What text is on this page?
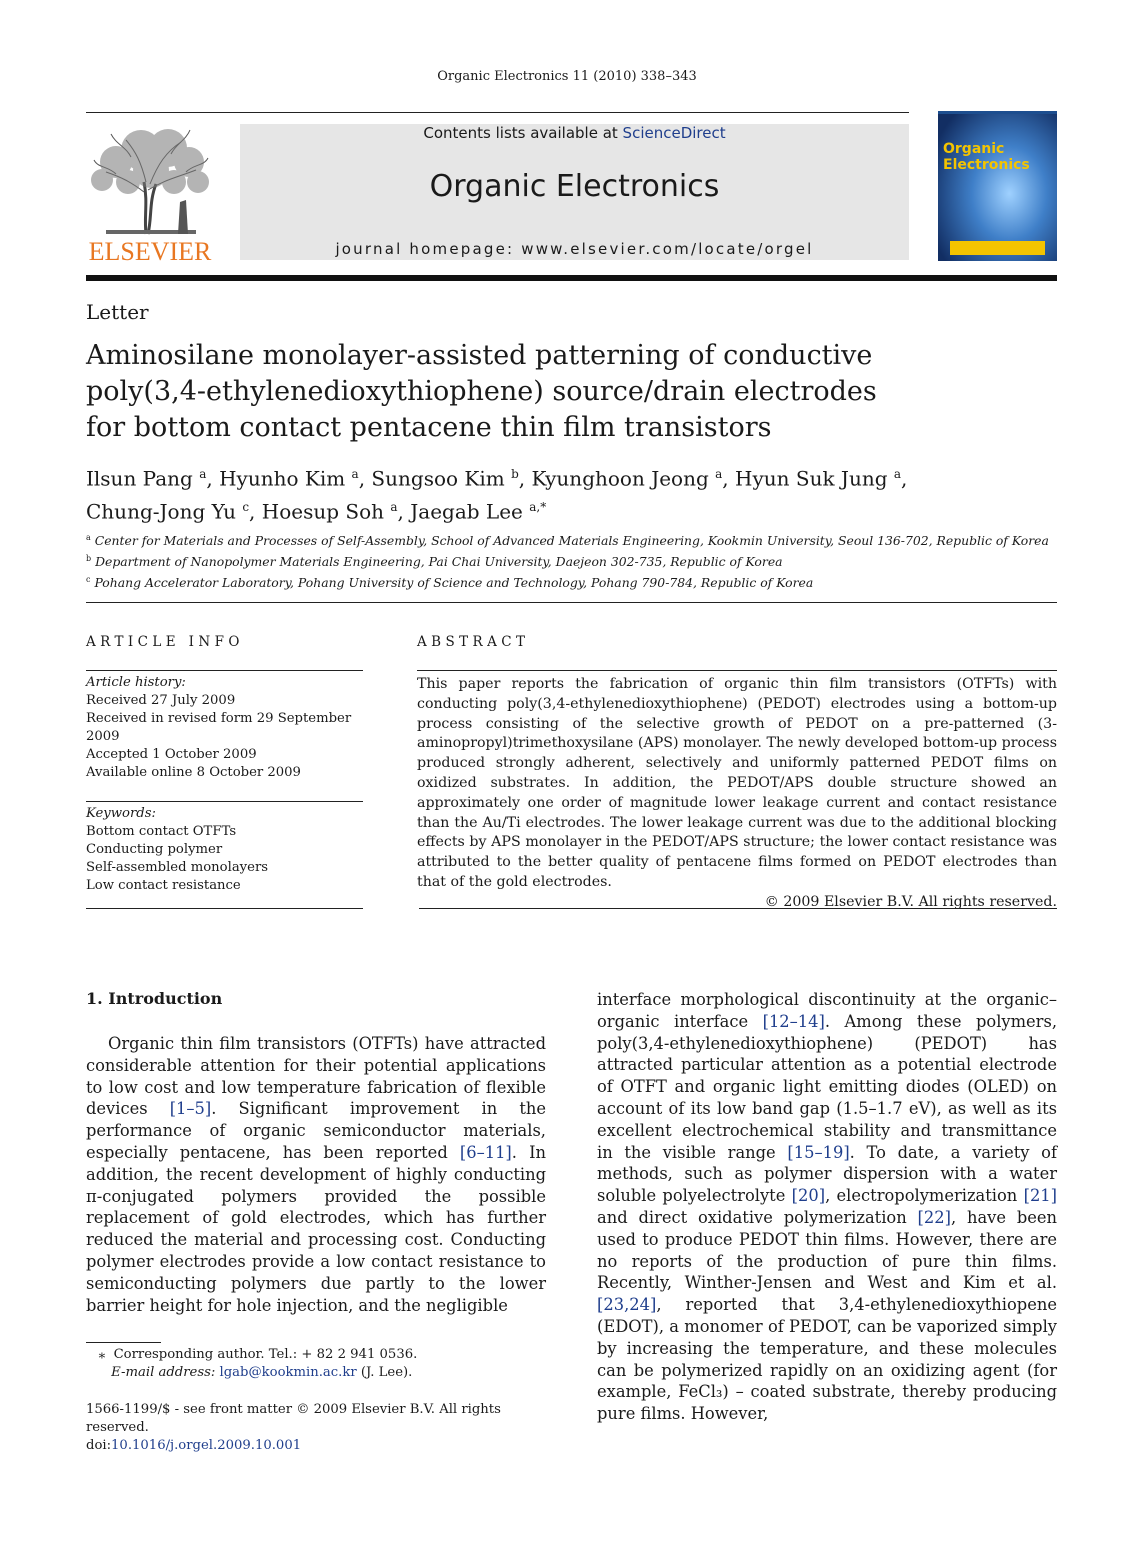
Organic Electronics 11 (2010) 338–343
ELSEVIER
Contents lists available at ScienceDirect
Organic Electronics
journal homepage: www.elsevier.com/locate/orgel
Organic
Electronics
Letter
Aminosilane monolayer-assisted patterning of conductive
poly(3,4-ethylenedioxythiophene) source/drain electrodes
for bottom contact pentacene thin film transistors
Ilsun Pang $^a$, Hyunho Kim $^a$, Sungsoo Kim $^b$, Kyunghoon Jeong $^a$, Hyun Suk Jung $^a$,
Chung-Jong Yu $^c$, Hoesup Soh $^a$, Jaegab Lee $^{a,*}$
$^a$ Center for Materials and Processes of Self-Assembly, School of Advanced Materials Engineering, Kookmin University, Seoul 136-702, Republic of Korea
$^b$ Department of Nanopolymer Materials Engineering, Pai Chai University, Daejeon 302-735, Republic of Korea
$^c$ Pohang Accelerator Laboratory, Pohang University of Science and Technology, Pohang 790-784, Republic of Korea
ARTICLE INFO	ABSTRACT
Article history:
Received 27 July 2009
Received in revised form 29 September
2009
Accepted 1 October 2009
Available online 8 October 2009
Keywords:
Bottom contact OTFTs
Conducting polymer
Self-assembled monolayers
Low contact resistance
This paper reports the fabrication of organic thin film transistors (OTFTs) with conducting poly(3,4-ethylenedioxythiophene) (PEDOT) electrodes using a bottom-up process consisting of the selective growth of PEDOT on a pre-patterned (3-aminopropyl)trimethoxysilane (APS) monolayer. The newly developed bottom-up process produced strongly adherent, selectively and uniformly patterned PEDOT films on oxidized substrates. In addition, the PEDOT/APS double structure showed an approximately one order of magnitude lower leakage current and contact resistance than the Au/Ti electrodes. The lower leakage current was due to the additional blocking effects by APS monolayer in the PEDOT/APS structure; the lower contact resistance was attributed to the better quality of pentacene films formed on PEDOT electrodes than that of the gold electrodes.
© 2009 Elsevier B.V. All rights reserved.
1. Introduction
Organic thin film transistors (OTFTs) have attracted considerable attention for their potential applications to low cost and low temperature fabrication of flexible devices [1–5]. Significant improvement in the performance of organic semiconductor materials, especially pentacene, has been reported [6–11]. In addition, the recent development of highly conducting π-conjugated polymers provided the possible replacement of gold electrodes, which has further reduced the material and processing cost. Conducting polymer electrodes provide a low contact resistance to semiconducting polymers due partly to the lower barrier height for hole injection, and the negligible
interface morphological discontinuity at the organic–organic interface [12–14]. Among these polymers, poly(3,4-ethylenedioxythiophene) (PEDOT) has attracted particular attention as a potential electrode of OTFT and organic light emitting diodes (OLED) on account of its low band gap (1.5–1.7 eV), as well as its excellent electrochemical stability and transmittance in the visible range [15–19]. To date, a variety of methods, such as polymer dispersion with a water soluble polyelectrolyte [20], electropolymerization [21] and direct oxidative polymerization [22], have been used to produce PEDOT thin films. However, there are no reports of the production of pure thin films. Recently, Winther-Jensen and West and Kim et al. [23,24], reported that 3,4-ethylenedioxythiopene (EDOT), a monomer of PEDOT, can be vaporized simply by increasing the temperature, and these molecules can be polymerized rapidly on an oxidizing agent (for example, FeCl₃) – coated substrate, thereby producing pure films. However,
⁎ Corresponding author. Tel.: + 82 2 941 0536.
E-mail address: lgab@kookmin.ac.kr (J. Lee).
1566-1199/$ - see front matter © 2009 Elsevier B.V. All rights reserved.
doi:10.1016/j.orgel.2009.10.001
